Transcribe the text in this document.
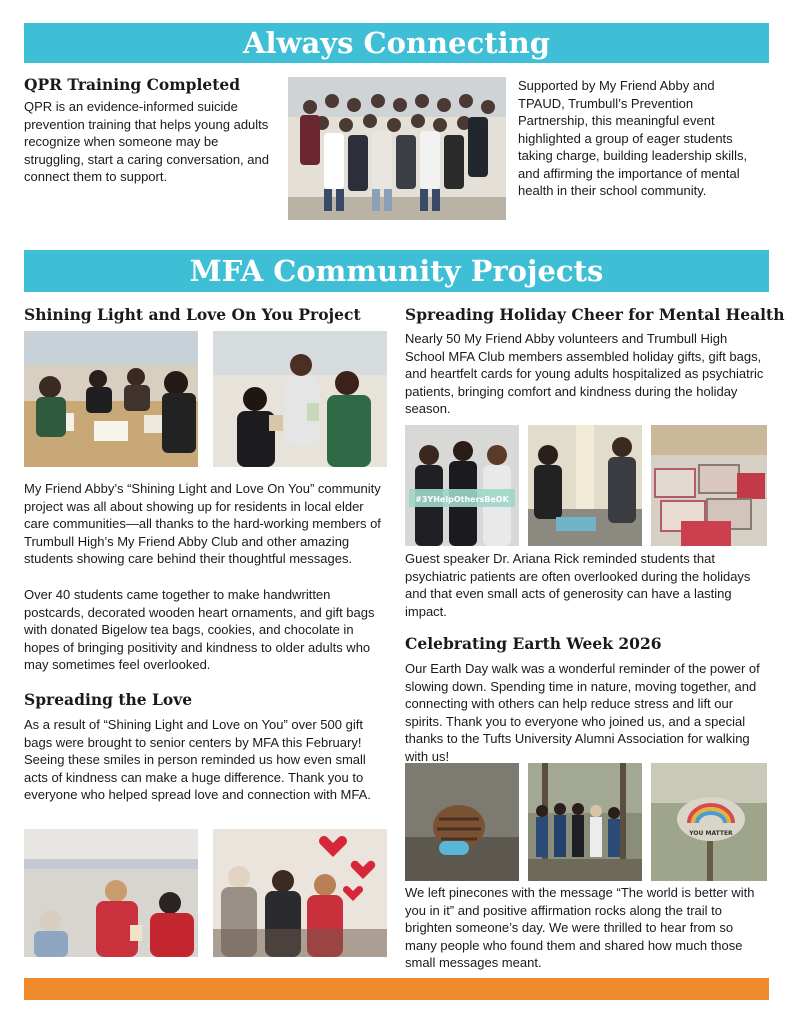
Always Connecting
QPR Training Completed

QPR is an evidence-informed suicide prevention training that helps young adults recognize when someone may be struggling, start a caring conversation, and connect them to support.

Supported by My Friend Abby and TPAUD, Trumbull’s Prevention Partnership, this meaningful event highlighted a group of eager students taking charge, building leadership skills, and affirming the importance of mental health in their school community.

MFA Community Projects
Shining Light and Love On You Project

My Friend Abby’s “Shining Light and Love On You” community project was all about showing up for residents in local elder care communities—all thanks to the hard-working members of Trumbull High’s My Friend Abby Club and other amazing students showing care behind their thoughtful messages.

Over 40 students came together to make handwritten postcards, decorated wooden heart ornaments, and gift bags with donated Bigelow tea bags, cookies, and chocolate in hopes of bringing positivity and kindness to older adults who may sometimes feel overlooked.

Spreading the Love

As a result of “Shining Light and Love on You” over 500 gift bags were brought to senior centers by MFA this February! Seeing these smiles in person reminded us how even small acts of kindness can make a huge difference. Thank you to everyone who helped spread love and connection with MFA.

Spreading Holiday Cheer for Mental Health

Nearly 50 My Friend Abby volunteers and Trumbull High School MFA Club members assembled holiday gifts, gift bags, and heartfelt cards for young adults hospitalized as psychiatric patients, bringing comfort and kindness during the holiday season.

#3YHelpOthersBeOK

Guest speaker Dr. Ariana Rick reminded students that psychiatric patients are often overlooked during the holidays and that even small acts of generosity can have a lasting impact.

Celebrating Earth Week 2026

Our Earth Day walk was a wonderful reminder of the power of slowing down. Spending time in nature, moving together, and connecting with others can help reduce stress and lift our spirits. Thank you to everyone who joined us, and a special thanks to the Tufts University Alumni Association for walking with us!

YOU MATTER

We left pinecones with the message “The world is better with you in it” and positive affirmation rocks along the trail to brighten someone’s day. We were thrilled to hear from so many people who found them and shared how much those small messages meant.
